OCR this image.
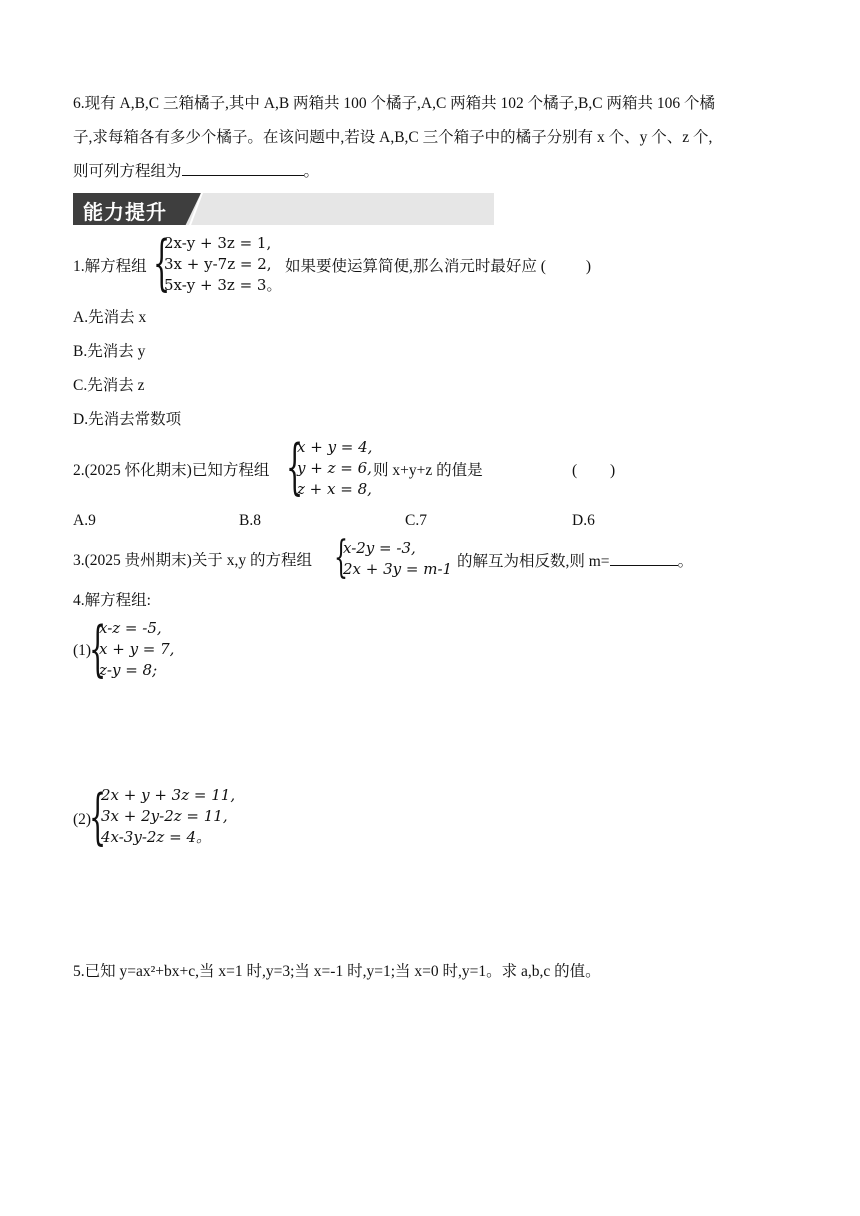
6.现有 A,B,C 三箱橘子,其中 A,B 两箱共 100 个橘子,A,C 两箱共 102 个橘子,B,C 两箱共 106 个橘
子,求每箱各有多少个橘子。在该问题中,若设 A,B,C 三个箱子中的橘子分别有 x 个、y 个、z 个,
则可列方程组为	。
能力提升
1.解方程组 {
2x-y + 3z = 1,
3x + y-7z = 2,
5x-y + 3z = 3。
如果要使运算简便,那么消元时最好应 (	)
A.先消去 x
B.先消去 y
C.先消去 z
D.先消去常数项
2.(2025 怀化期末)已知方程组 {
x + y = 4,
y + z = 6,
z + x = 8,
则 x+y+z 的值是	( )
A.9	B.8	C.7	D.6
3.(2025 贵州期末)关于 x,y 的方程组 {
x-2y = -3,
2x + 3y = m-1 的解互为相反数,则 m=	。
4.解方程组:
(1)
{
x-z = -5,
x + y = 7,
z-y = 8;
(2)
{
2x + y + 3z = 11,
3x + 2y-2z = 11,
4x-3y-2z = 4。
5.已知 y=ax²+bx+c,当 x=1 时,y=3;当 x=-1 时,y=1;当 x=0 时,y=1。求 a,b,c 的值。
